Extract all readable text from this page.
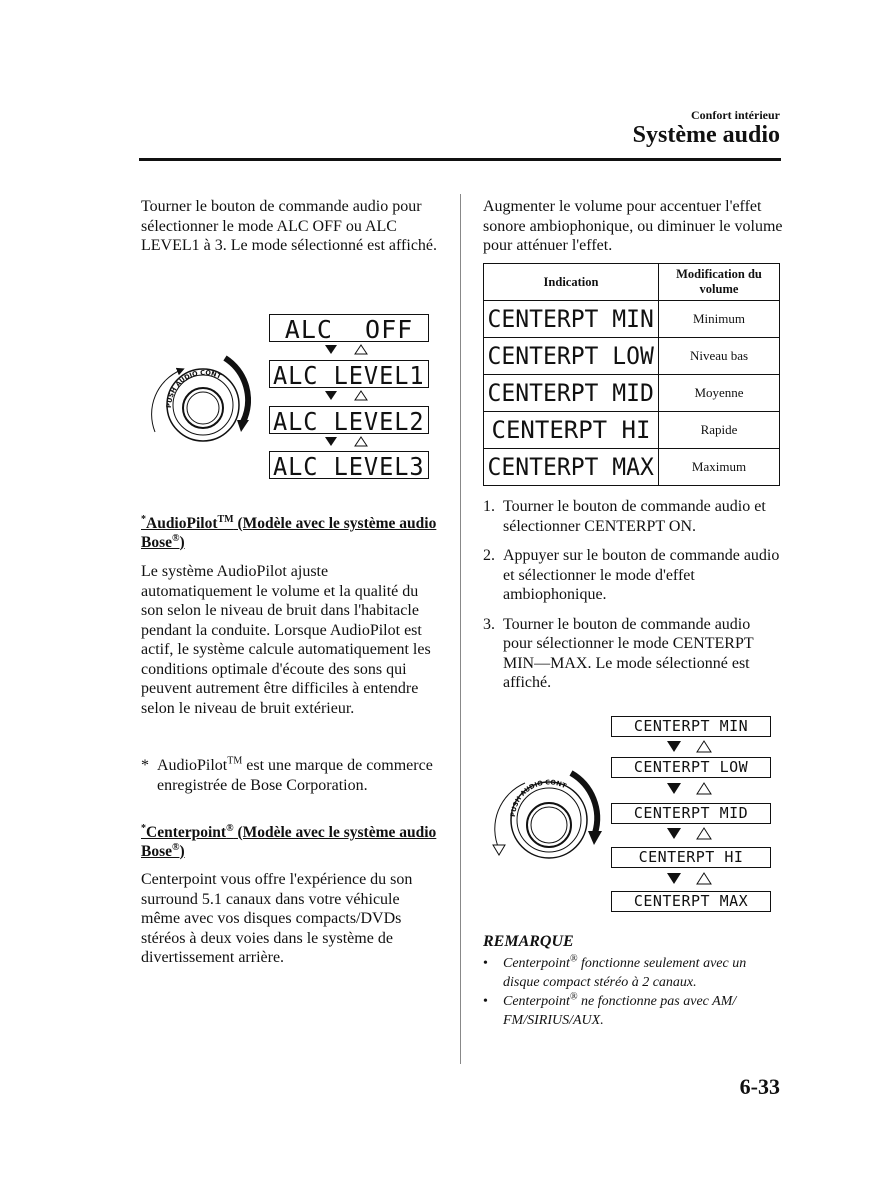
Confort intérieur
Système audio

Tourner le bouton de commande audio pour sélectionner le mode ALC OFF ou ALC LEVEL1 à 3. Le mode sélectionné est affiché.

PUSH AUDIO CONT
ALC  OFF
ALC LEVEL1
ALC LEVEL2
ALC LEVEL3
*AudioPilot™ (Modèle avec le système audio Bose®)

Le système AudioPilot ajuste automatiquement le volume et la qualité du son selon le niveau de bruit dans l'habitacle pendant la conduite. Lorsque AudioPilot est actif, le système calcule automatiquement les conditions optimale d'écoute des sons qui peuvent autrement être difficiles à entendre selon le niveau de bruit extérieur.

* AudioPilot™ est une marque de commerce enregistrée de Bose Corporation.
*Centerpoint® (Modèle avec le système audio Bose®)

Centerpoint vous offre l'expérience du son surround 5.1 canaux dans votre véhicule même avec vos disques compacts/DVDs stéréos à deux voies dans le système de divertissement arrière.

Augmenter le volume pour accentuer l'effet sonore ambiophonique, ou diminuer le volume pour atténuer l'effet.

Indication	Modification du volume
CENTERPT MIN	Minimum
CENTERPT LOW	Niveau bas
CENTERPT MID	Moyenne
CENTERPT HI	Rapide
CENTERPT MAX	Maximum
1. Tourner le bouton de commande audio et sélectionner CENTERPT ON.
2. Appuyer sur le bouton de commande audio et sélectionner le mode d'effet ambiophonique.
3. Tourner le bouton de commande audio pour sélectionner le mode CENTERPT MIN―MAX. Le mode sélectionné est affiché.
PUSH AUDIO CONT
CENTERPT MIN
CENTERPT LOW
CENTERPT MID
CENTERPT HI
CENTERPT MAX
REMARQUE
•	Centerpoint® fonctionne seulement avec un disque compact stéréo à 2 canaux.
•	Centerpoint® ne fonctionne pas avec AM/ FM/SIRIUS/AUX.
6-33
